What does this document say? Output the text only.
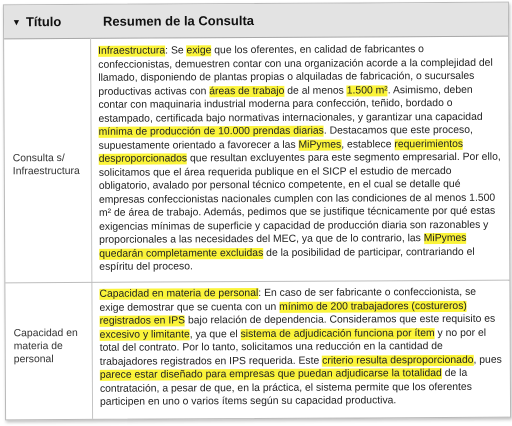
▼ Título	Resumen de la Consulta
Consulta s/ Infraestructura
Infraestructura: Se exige que los oferentes, en calidad de fabricantes o confeccionistas, demuestren contar con una organización acorde a la complejidad del llamado, disponiendo de plantas propias o alquiladas de fabricación, o sucursales productivas activas con áreas de trabajo de al menos 1.500 m². Asimismo, deben contar con maquinaria industrial moderna para confección, teñido, bordado o estampado, certificada bajo normativas internacionales, y garantizar una capacidad mínima de producción de 10.000 prendas diarias. Destacamos que este proceso, supuestamente orientado a favorecer a las MiPymes, establece requerimientos desproporcionados que resultan excluyentes para este segmento empresarial. Por ello, solicitamos que el área requerida publique en el SICP el estudio de mercado obligatorio, avalado por personal técnico competente, en el cual se detalle qué empresas confeccionistas nacionales cumplen con las condiciones de al menos 1.500 m² de área de trabajo. Además, pedimos que se justifique técnicamente por qué estas exigencias mínimas de superficie y capacidad de producción diaria son razonables y proporcionales a las necesidades del MEC, ya que de lo contrario, las MiPymes quedarán completamente excluidas de la posibilidad de participar, contrariando el espíritu del proceso.
Capacidad en materia de personal
Capacidad en materia de personal: En caso de ser fabricante o confeccionista, se exige demostrar que se cuenta con un mínimo de 200 trabajadores (costureros) registrados en IPS bajo relación de dependencia. Consideramos que este requisito es excesivo y limitante, ya que el sistema de adjudicación funciona por ítem y no por el total del contrato. Por lo tanto, solicitamos una reducción en la cantidad de trabajadores registrados en IPS requerida. Este criterio resulta desproporcionado, pues parece estar diseñado para empresas que puedan adjudicarse la totalidad de la contratación, a pesar de que, en la práctica, el sistema permite que los oferentes participen en uno o varios ítems según su capacidad productiva.
